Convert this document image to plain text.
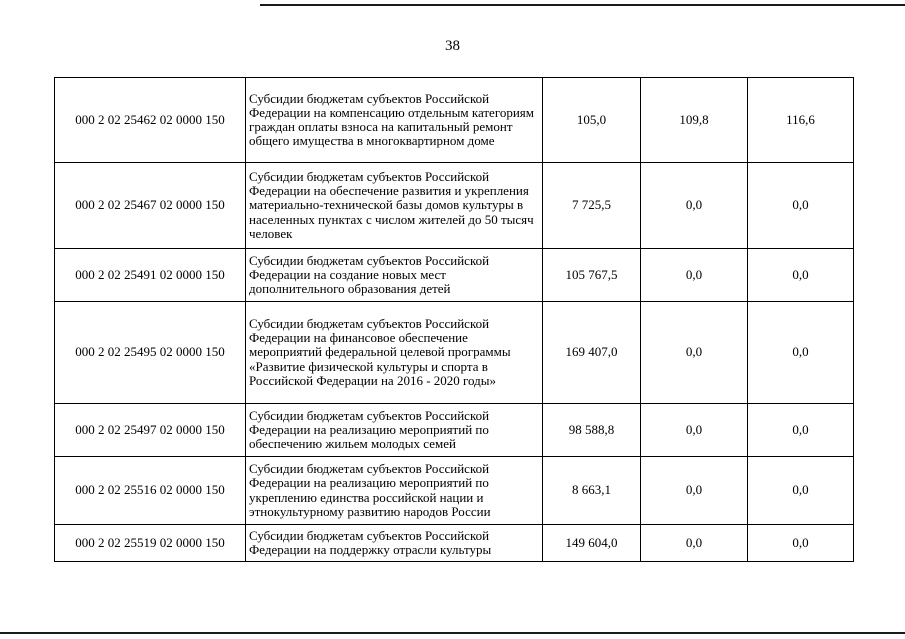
38
000 2 02 25462 02 0000 150	Субсидии бюджетам субъектов Российской Федерации на компенсацию отдельным категориям граждан оплаты взноса на капитальный ремонт общего имущества в многоквартирном доме	105,0	109,8	116,6
000 2 02 25467 02 0000 150	Субсидии бюджетам субъектов Российской Федерации на обеспечение развития и укрепления материально-технической базы домов культуры в населенных пунктах с числом жителей до 50 тысяч человек	7 725,5	0,0	0,0
000 2 02 25491 02 0000 150	Субсидии бюджетам субъектов Российской Федерации на создание новых мест дополнительного образования детей	105 767,5	0,0	0,0
000 2 02 25495 02 0000 150	Субсидии бюджетам субъектов Российской Федерации на финансовое обеспечение мероприятий федеральной целевой программы «Развитие физической культуры и спорта в Российской Федерации на 2016 - 2020 годы»	169 407,0	0,0	0,0
000 2 02 25497 02 0000 150	Субсидии бюджетам субъектов Российской Федерации на реализацию мероприятий по обеспечению жильем молодых семей	98 588,8	0,0	0,0
000 2 02 25516 02 0000 150	Субсидии бюджетам субъектов Российской Федерации на реализацию мероприятий по укреплению единства российской нации и этнокультурному развитию народов России	8 663,1	0,0	0,0
000 2 02 25519 02 0000 150	Субсидии бюджетам субъектов Российской Федерации на поддержку отрасли культуры	149 604,0	0,0	0,0
